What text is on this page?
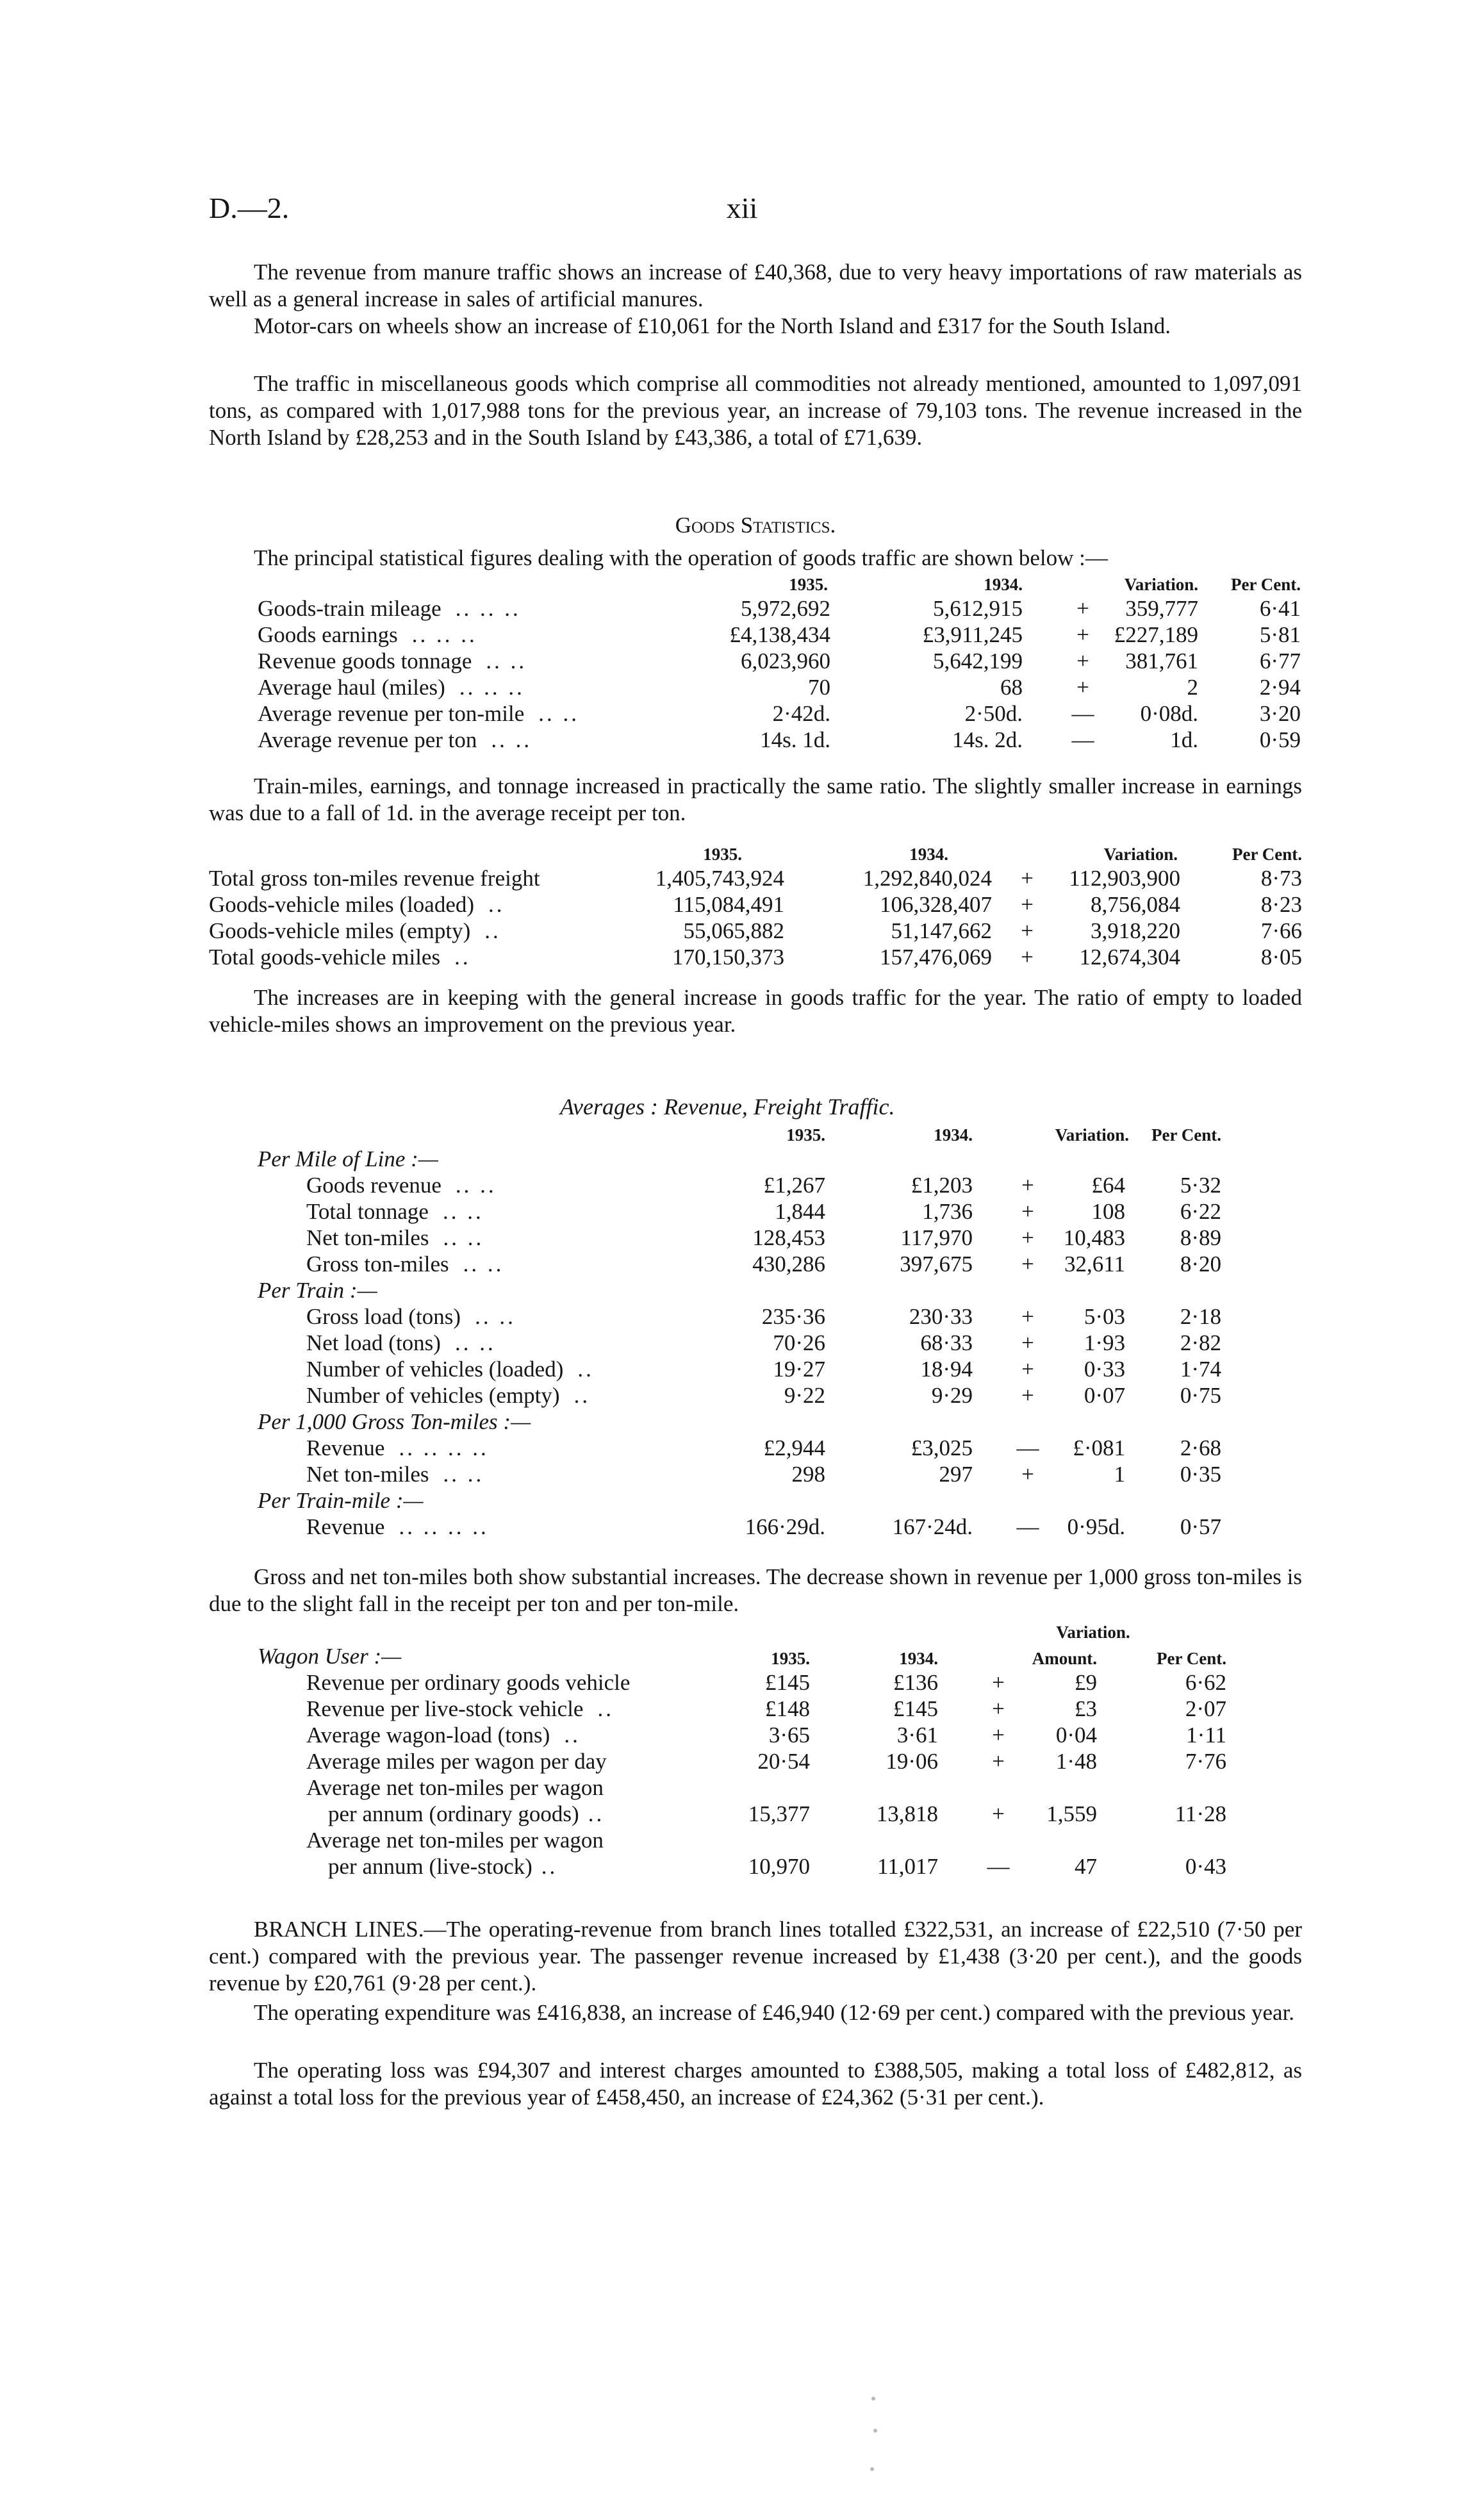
D.—2.	xii

The revenue from manure traffic shows an increase of £40,368, due to very heavy importations of raw materials as well as a general increase in sales of artificial manures.

Motor-cars on wheels show an increase of £10,061 for the North Island and £317 for the South Island.

The traffic in miscellaneous goods which comprise all commodities not already mentioned, amounted to 1,097,091 tons, as compared with 1,017,988 tons for the previous year, an increase of 79,103 tons. The revenue increased in the North Island by £28,253 and in the South Island by £43,386, a total of £71,639.

Goods Statistics.

The principal statistical figures dealing with the operation of goods traffic are shown below :—

	1935.	1934.	Variation.		Per Cent.
Goods-train mileage .. .. ..	5,972,692	5,612,915	+	359,777	6·41
Goods earnings .. .. ..	£4,138,434	£3,911,245	+	£227,189	5·81
Revenue goods tonnage .. ..	6,023,960	5,642,199	+	381,761	6·77
Average haul (miles) .. .. ..	70	68	+	2	2·94
Average revenue per ton-mile .. ..	2·42d.	2·50d.	—	0·08d.	3·20
Average revenue per ton .. ..	14s. 1d.	14s. 2d.	—	1d.	0·59

Train-miles, earnings, and tonnage increased in practically the same ratio. The slightly smaller increase in earnings was due to a fall of 1d. in the average receipt per ton.

	1935.	1934.	Variation.		Per Cent.
Total gross ton-miles revenue freight	1,405,743,924	1,292,840,024	+	112,903,900	8·73
Goods-vehicle miles (loaded) ..	115,084,491	106,328,407	+	8,756,084	8·23
Goods-vehicle miles (empty) ..	55,065,882	51,147,662	+	3,918,220	7·66
Total goods-vehicle miles ..	170,150,373	157,476,069	+	12,674,304	8·05

The increases are in keeping with the general increase in goods traffic for the year. The ratio of empty to loaded vehicle-miles shows an improvement on the previous year.

Averages : Revenue, Freight Traffic.
	1935.	1934.	Variation.		Per Cent.
Per Mile of Line :—					
Goods revenue .. ..	£1,267	£1,203	+	£64	5·32
Total tonnage .. ..	1,844	1,736	+	108	6·22
Net ton-miles .. ..	128,453	117,970	+	10,483	8·89
Gross ton-miles .. ..	430,286	397,675	+	32,611	8·20
Per Train :—					
Gross load (tons) .. ..	235·36	230·33	+	5·03	2·18
Net load (tons) .. ..	70·26	68·33	+	1·93	2·82
Number of vehicles (loaded) ..	19·27	18·94	+	0·33	1·74
Number of vehicles (empty) ..	9·22	9·29	+	0·07	0·75
Per 1,000 Gross Ton-miles :—					
Revenue .. .. .. ..	£2,944	£3,025	—	£·081	2·68
Net ton-miles .. ..	298	297	+	1	0·35
Per Train-mile :—					
Revenue .. .. .. ..	166·29d.	167·24d.	—	0·95d.	0·57

Gross and net ton-miles both show substantial increases. The decrease shown in revenue per 1,000 gross ton-miles is due to the slight fall in the receipt per ton and per ton-mile.

			Variation.		
Wagon User :—	1935.	1934.	Amount.		Per Cent.
Revenue per ordinary goods vehicle	£145	£136	+	£9	6·62
Revenue per live-stock vehicle ..	£148	£145	+	£3	2·07
Average wagon-load (tons) ..	3·65	3·61	+	0·04	1·11
Average miles per wagon per day	20·54	19·06	+	1·48	7·76
Average net ton-miles per wagon					
per annum (ordinary goods) ..	15,377	13,818	+	1,559	11·28
Average net ton-miles per wagon					
per annum (live-stock) ..	10,970	11,017	—	47	0·43

BRANCH LINES.—The operating-revenue from branch lines totalled £322,531, an increase of £22,510 (7·50 per cent.) compared with the previous year. The passenger revenue increased by £1,438 (3·20 per cent.), and the goods revenue by £20,761 (9·28 per cent.).

The operating expenditure was £416,838, an increase of £46,940 (12·69 per cent.) compared with the previous year.

The operating loss was £94,307 and interest charges amounted to £388,505, making a total loss of £482,812, as against a total loss for the previous year of £458,450, an increase of £24,362 (5·31 per cent.).
